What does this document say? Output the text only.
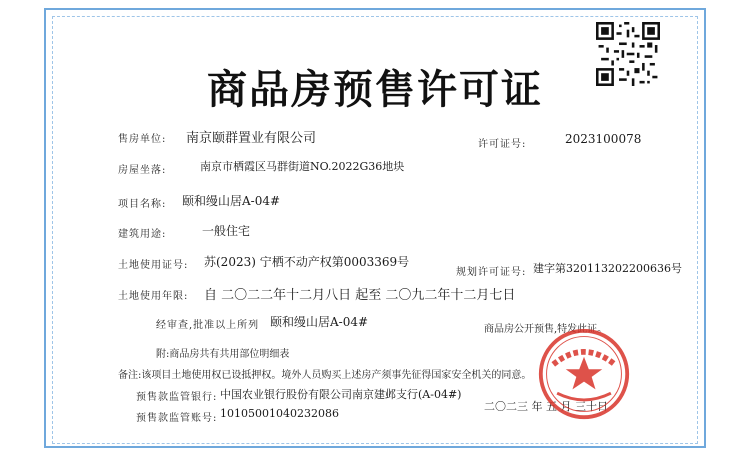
商品房预售许可证
售房单位: 南京颐群置业有限公司	许可证号:	2023100078
房屋坐落:	南京市栖霞区马群街道NO.2022G36地块
项目名称: 颐和缦山居A-04#
建筑用途:	一般住宅
土地使用证号: 苏(2023) 宁栖不动产权第0003369号
规划许可证号: 建字第320113202200636号
土地使用年限: 自 二〇二二年十二月八日 起至 二〇九二年十二月七日
经审查,批准以上所列 颐和缦山居A-04#
商品房公开预售,特发此证。
附:商品房共有共用部位明细表
备注:该项目土地使用权已设抵押权。境外人员购买上述房产须事先征得国家安全机关的同意。
预售款监管银行: 中国农业银行股份有限公司南京建邺支行(A-04#)
预售款监管账号: 10105001040232086
二〇二三 年 五 月 三十日
